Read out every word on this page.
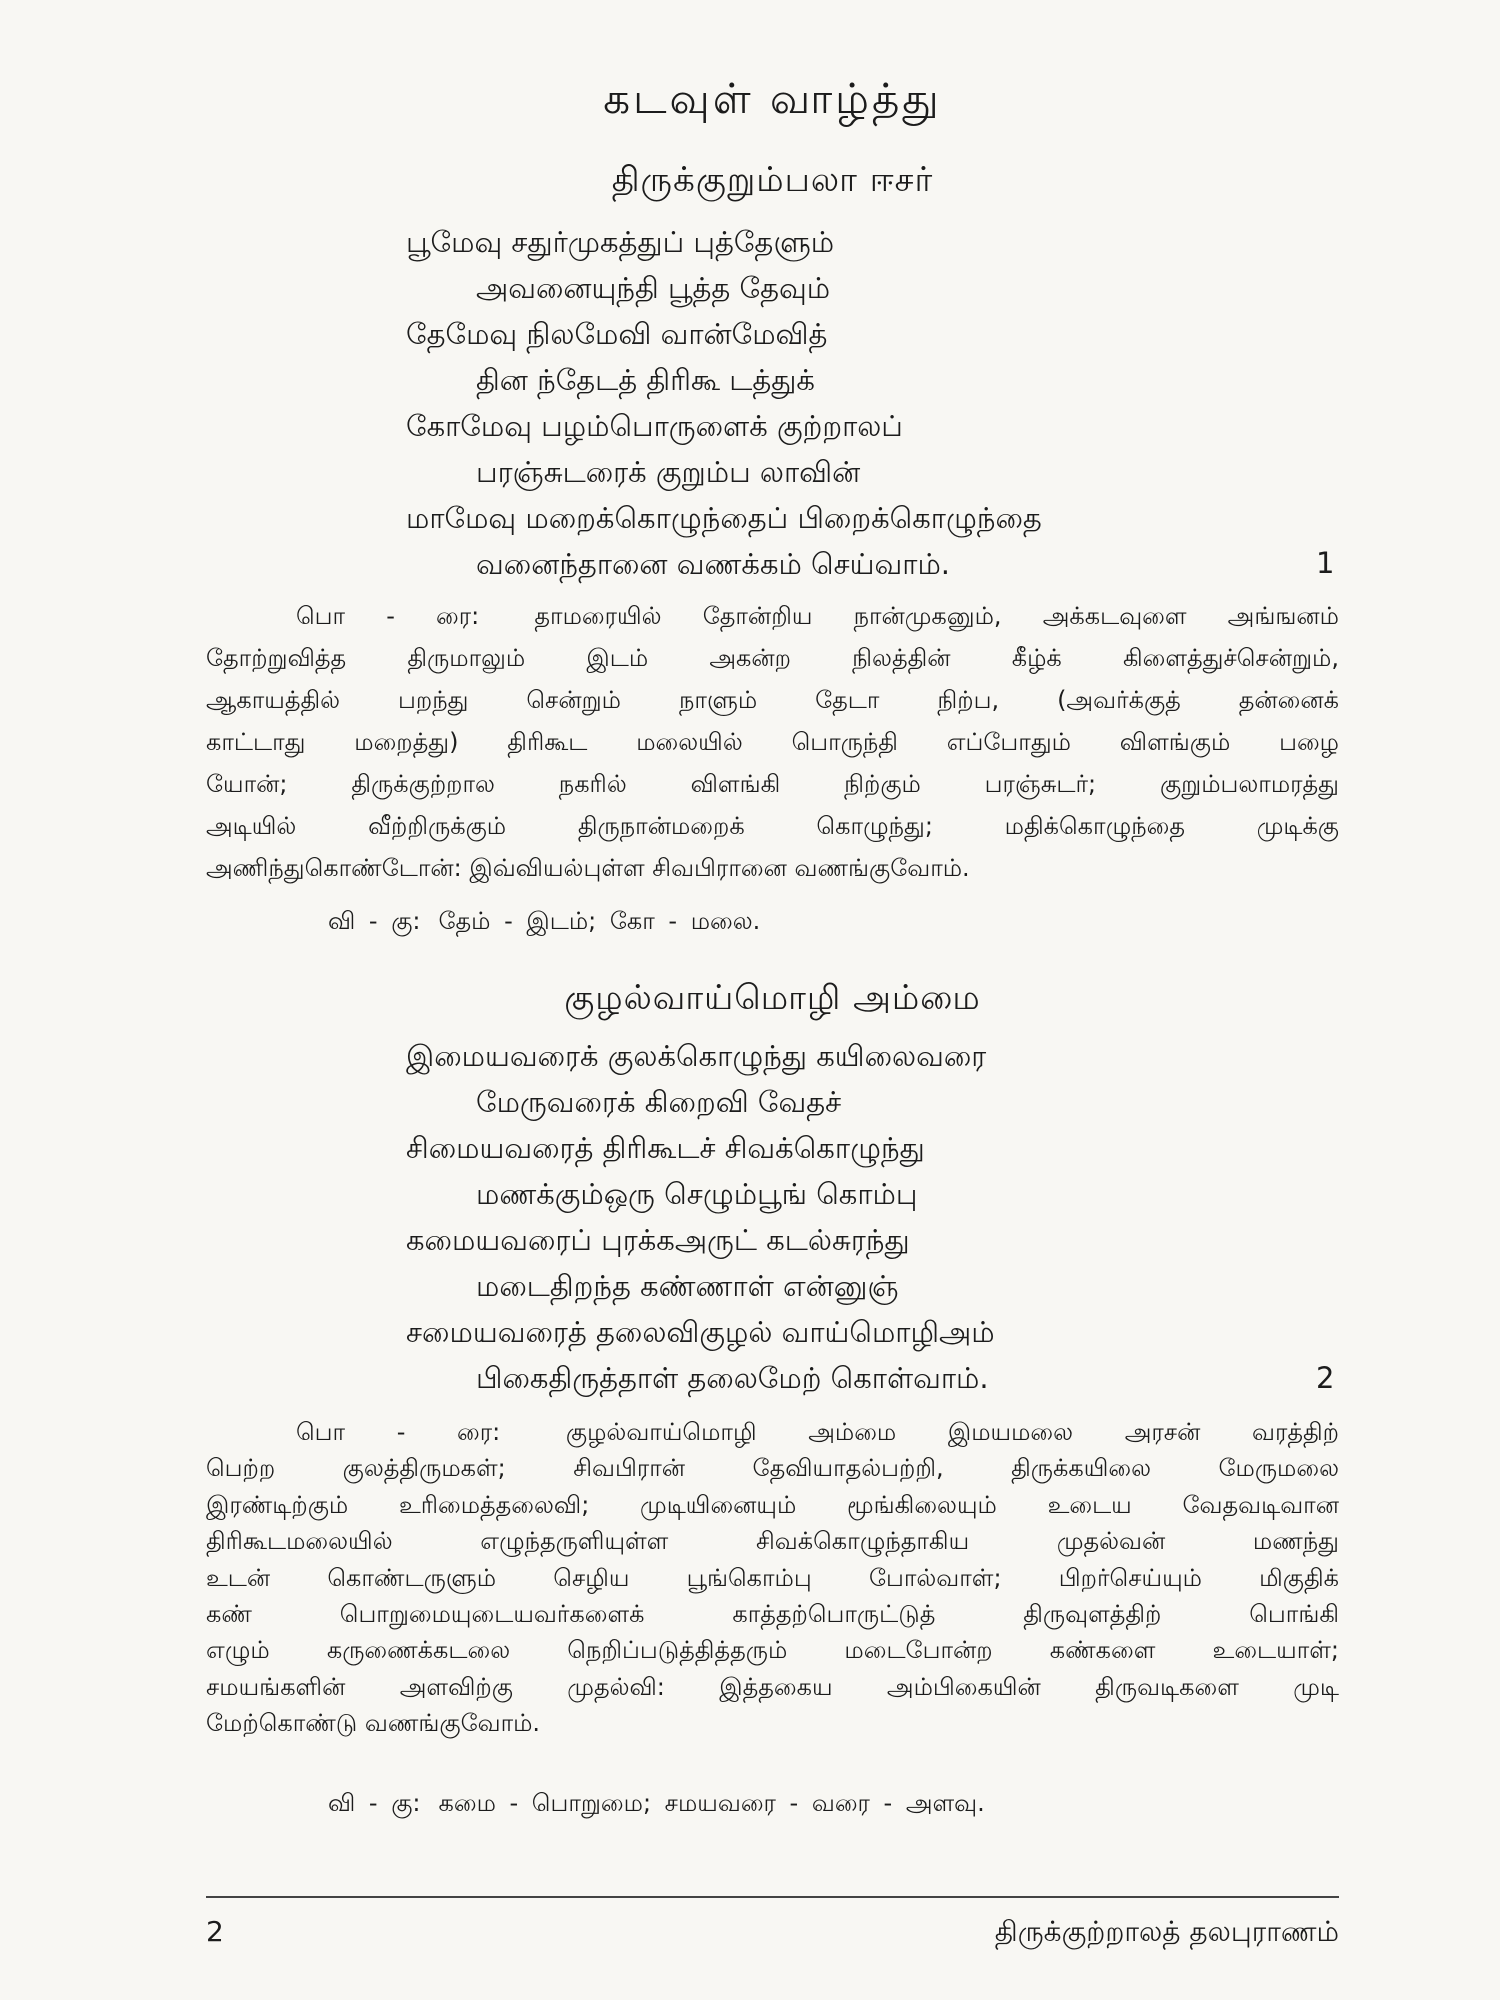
கடவுள் வாழ்த்து
திருக்குறும்பலா ஈசர்
பூமேவு சதுர்முகத்துப் புத்தேளும்
அவனையுந்தி பூத்த தேவும்
தேமேவு நிலமேவி வான்மேவித்
தின ந்தேடத் திரிகூ டத்துக்
கோமேவு பழம்பொருளைக் குற்றாலப்
பரஞ்சுடரைக் குறும்ப லாவின்
மாமேவு மறைக்கொழுந்தைப் பிறைக்கொழுந்தை
வனைந்தானை வணக்கம் செய்வாம்.	1
பொ - ரை: தாமரையில் தோன்றிய நான்முகனும், அக்கடவுளை அங்ஙனம்
தோற்றுவித்த திருமாலும் இடம் அகன்ற நிலத்தின் கீழ்க் கிளைத்துச்சென்றும்,
ஆகாயத்தில் பறந்து சென்றும் நாளும் தேடா நிற்ப, (அவர்க்குத் தன்னைக்
காட்டாது மறைத்து) திரிகூட மலையில் பொருந்தி எப்போதும் விளங்கும் பழை
யோன்; திருக்குற்றால நகரில் விளங்கி நிற்கும் பரஞ்சுடர்; குறும்பலாமரத்து
அடியில் வீற்றிருக்கும் திருநான்மறைக் கொழுந்து; மதிக்கொழுந்தை முடிக்கு
அணிந்துகொண்டோன்: இவ்வியல்புள்ள சிவபிரானை வணங்குவோம்.
வி - கு: தேம் - இடம்; கோ - மலை.
குழல்வாய்மொழி அம்மை
இமையவரைக் குலக்கொழுந்து கயிலைவரை
மேருவரைக் கிறைவி வேதச்
சிமையவரைத் திரிகூடச் சிவக்கொழுந்து
மணக்கும்ஒரு செழும்பூங் கொம்பு
கமையவரைப் புரக்கஅருட் கடல்சுரந்து
மடைதிறந்த கண்ணாள் என்னுஞ்
சமையவரைத் தலைவிகுழல் வாய்மொழிஅம்
பிகைதிருத்தாள் தலைமேற் கொள்வாம்.	2
பொ - ரை:	குழல்வாய்மொழி அம்மை இமயமலை அரசன் வரத்திற்
பெற்ற குலத்திருமகள்; சிவபிரான் தேவியாதல்பற்றி, திருக்கயிலை மேருமலை
இரண்டிற்கும் உரிமைத்தலைவி; முடியினையும் மூங்கிலையும் உடைய வேதவடிவான
திரிகூடமலையில் எழுந்தருளியுள்ள சிவக்கொழுந்தாகிய முதல்வன் மணந்து
உடன் கொண்டருளும் செழிய பூங்கொம்பு போல்வாள்; பிறர்செய்யும் மிகுதிக்
கண் பொறுமையுடையவர்களைக் காத்தற்பொருட்டுத் திருவுளத்திற் பொங்கி
எழும் கருணைக்கடலை நெறிப்படுத்தித்தரும் மடைபோன்ற கண்களை உடையாள்;
சமயங்களின் அளவிற்கு முதல்வி: இத்தகைய அம்பிகையின் திருவடிகளை முடி
மேற்கொண்டு வணங்குவோம்.
வி - கு: கமை - பொறுமை; சமயவரை - வரை - அளவு.
2	திருக்குற்றாலத் தலபுராணம்
